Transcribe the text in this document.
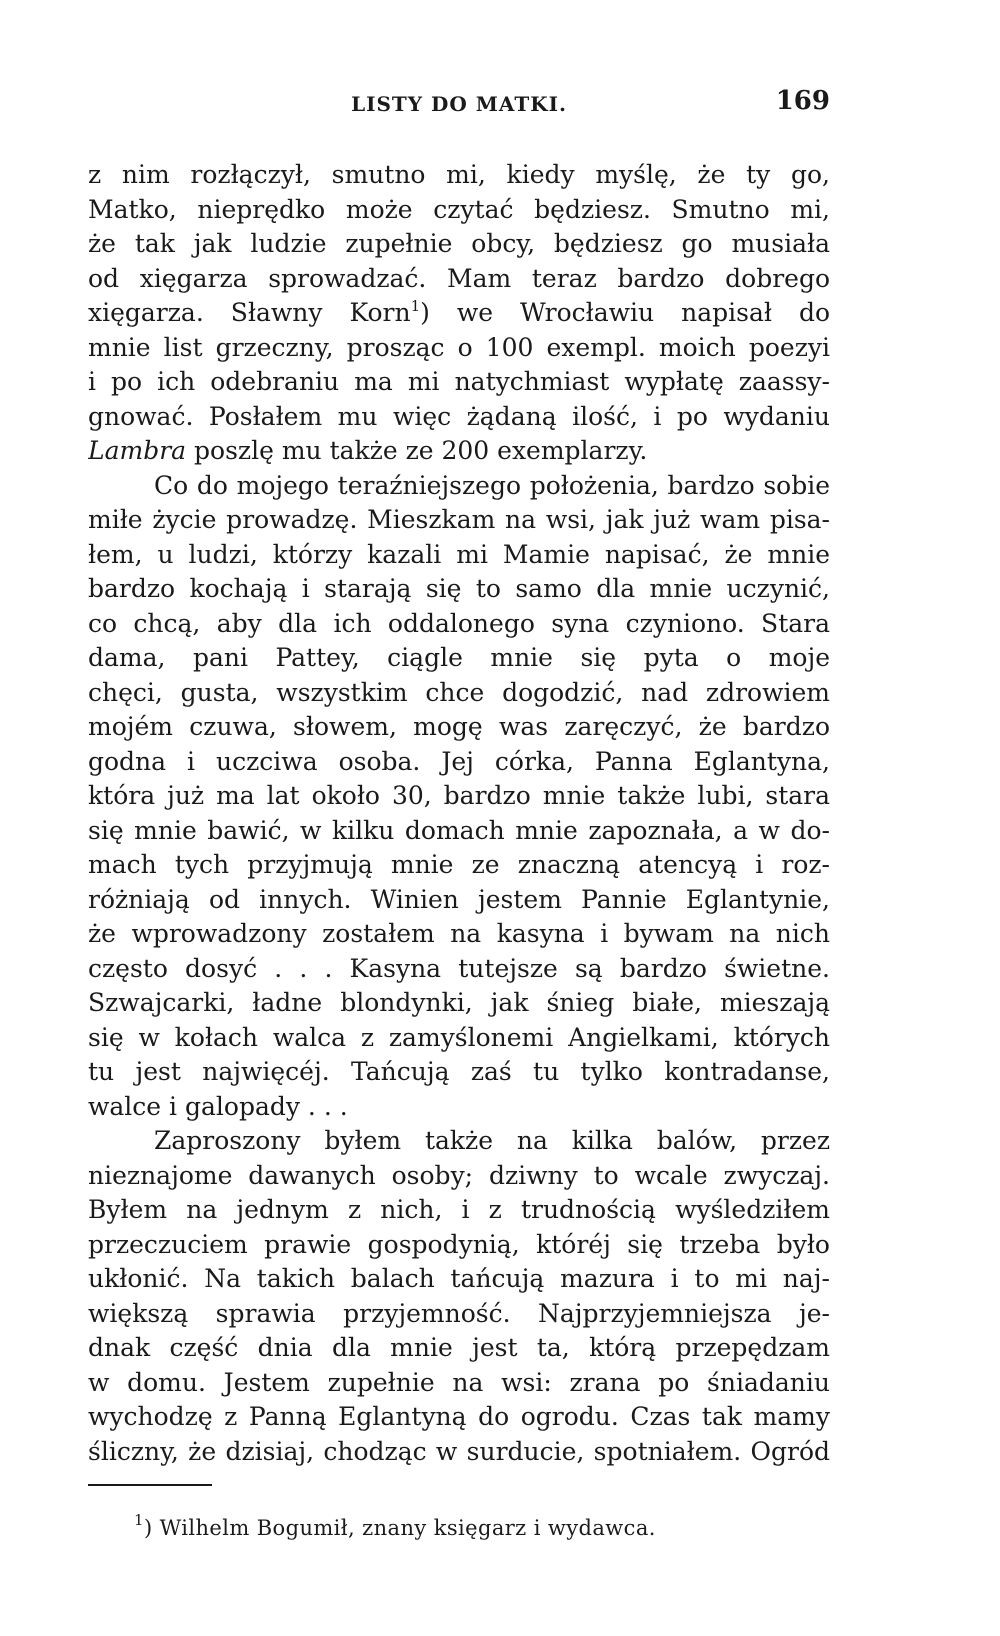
LISTY DO MATKI.	169
z nim rozłączył, smutno mi, kiedy myślę, że ty go,
Matko, nieprędko może czytać będziesz. Smutno mi,
że tak jak ludzie zupełnie obcy, będziesz go musiała
od xięgarza sprowadzać. Mam teraz bardzo dobrego
xięgarza. Sławny Korn$^1$) we Wrocławiu napisał do
mnie list grzeczny, prosząc o 100 exempl. moich poezyi
i po ich odebraniu ma mi natychmiast wypłatę zaassy-
gnować. Posłałem mu więc żądaną ilość, i po wydaniu
Lambra poszlę mu także ze 200 exemplarzy.
Co do mojego teraźniejszego położenia, bardzo sobie
miłe życie prowadzę. Mieszkam na wsi, jak już wam pisa-
łem, u ludzi, którzy kazali mi Mamie napisać, że mnie
bardzo kochają i starają się to samo dla mnie uczynić,
co chcą, aby dla ich oddalonego syna czyniono. Stara
dama, pani Pattey, ciągle mnie się pyta o moje
chęci, gusta, wszystkim chce dogodzić, nad zdrowiem
mojém czuwa, słowem, mogę was zaręczyć, że bardzo
godna i uczciwa osoba. Jej córka, Panna Eglantyna,
która już ma lat około 30, bardzo mnie także lubi, stara
się mnie bawić, w kilku domach mnie zapoznała, a w do-
mach tych przyjmują mnie ze znaczną atencyą i roz-
różniają od innych. Winien jestem Pannie Eglantynie,
że wprowadzony zostałem na kasyna i bywam na nich
często dosyć . . . Kasyna tutejsze są bardzo świetne.
Szwajcarki, ładne blondynki, jak śnieg białe, mieszają
się w kołach walca z zamyślonemi Angielkami, których
tu jest najwięcéj. Tańcują zaś tu tylko kontradanse,
walce i galopady . . .
Zaproszony byłem także na kilka balów, przez
nieznajome dawanych osoby; dziwny to wcale zwyczaj.
Byłem na jednym z nich, i z trudnością wyśledziłem
przeczuciem prawie gospodynią, któréj się trzeba było
ukłonić. Na takich balach tańcują mazura i to mi naj-
większą sprawia przyjemność. Najprzyjemniejsza je-
dnak część dnia dla mnie jest ta, którą przepędzam
w domu. Jestem zupełnie na wsi: zrana po śniadaniu
wychodzę z Panną Eglantyną do ogrodu. Czas tak mamy
śliczny, że dzisiaj, chodząc w surducie, spotniałem. Ogród
$^1$) Wilhelm Bogumił, znany księgarz i wydawca.
